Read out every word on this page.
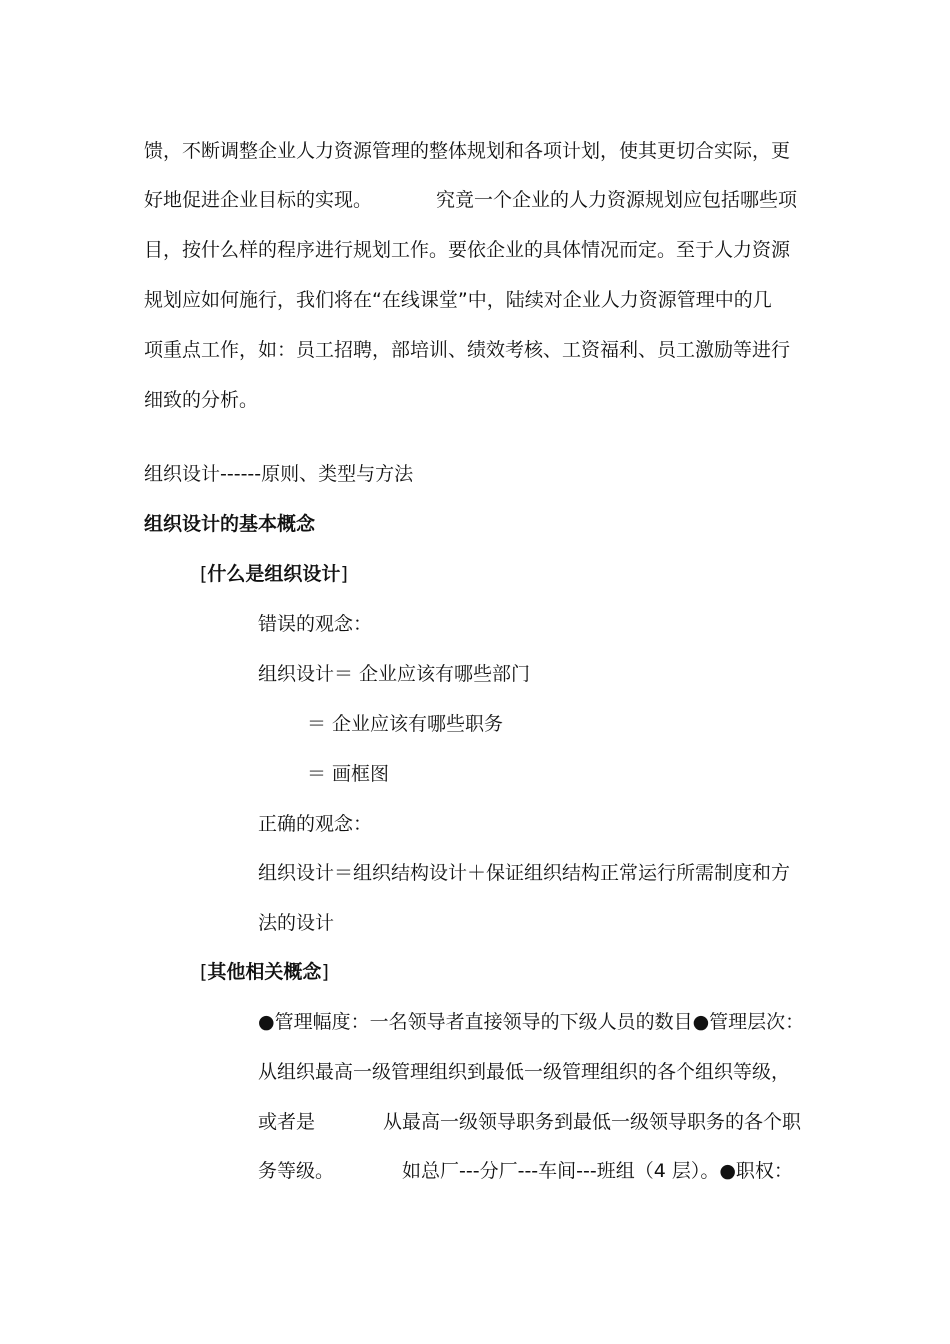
馈，不断调整企业人力资源管理的整体规划和各项计划，使其更切合实际，更
好地促进企业目标的实现。	究竟一个企业的人力资源规划应包括哪些项
目，按什么样的程序进行规划工作。要依企业的具体情况而定。至于人力资源
规划应如何施行，我们将在“在线课堂”中，陆续对企业人力资源管理中的几
项重点工作，如：员工招聘，部培训、绩效考核、工资福利、员工激励等进行
细致的分析。
组织设计------原则、类型与方法
组织设计的基本概念
[什么是组织设计]
错误的观念：
组织设计＝ 企业应该有哪些部门
＝ 企业应该有哪些职务
＝ 画框图
正确的观念：
组织设计＝组织结构设计＋保证组织结构正常运行所需制度和方
法的设计
[其他相关概念]
●管理幅度：一名领导者直接领导的下级人员的数目●管理层次：
从组织最高一级管理组织到最低一级管理组织的各个组织等级，
或者是	从最高一级领导职务到最低一级领导职务的各个职
务等级。	如总厂---分厂---车间---班组（4 层）。●职权：
